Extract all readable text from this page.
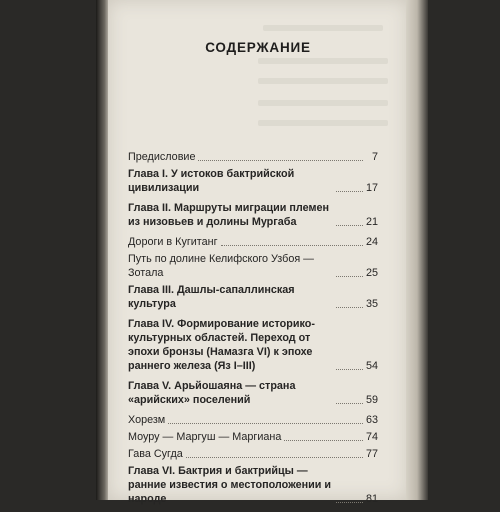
СОДЕРЖАНИЕ
Предисловие	7
Глава I. У истоков бактрийской цивилизации	17
Глава II. Маршруты миграции племен из низовьев и долины Мургаба	21
Дороги в Кугитанг	24
Путь по долине Келифского Узбоя — Зотала	25
Глава III. Дашлы-сапаллинская культура	35
Глава IV. Формирование историко-культурных областей. Переход от эпохи бронзы (Намазга VI) к эпохе раннего железа (Яз I–III)	54
Глава V. Арьйошаяна — страна «арийских» поселений	59
Хорезм	63
Моуру — Маргуш — Маргиана	74
Гава Сугда	77
Глава VI. Бактрия и бактрийцы — ранние известия о местоположении и народе	81
